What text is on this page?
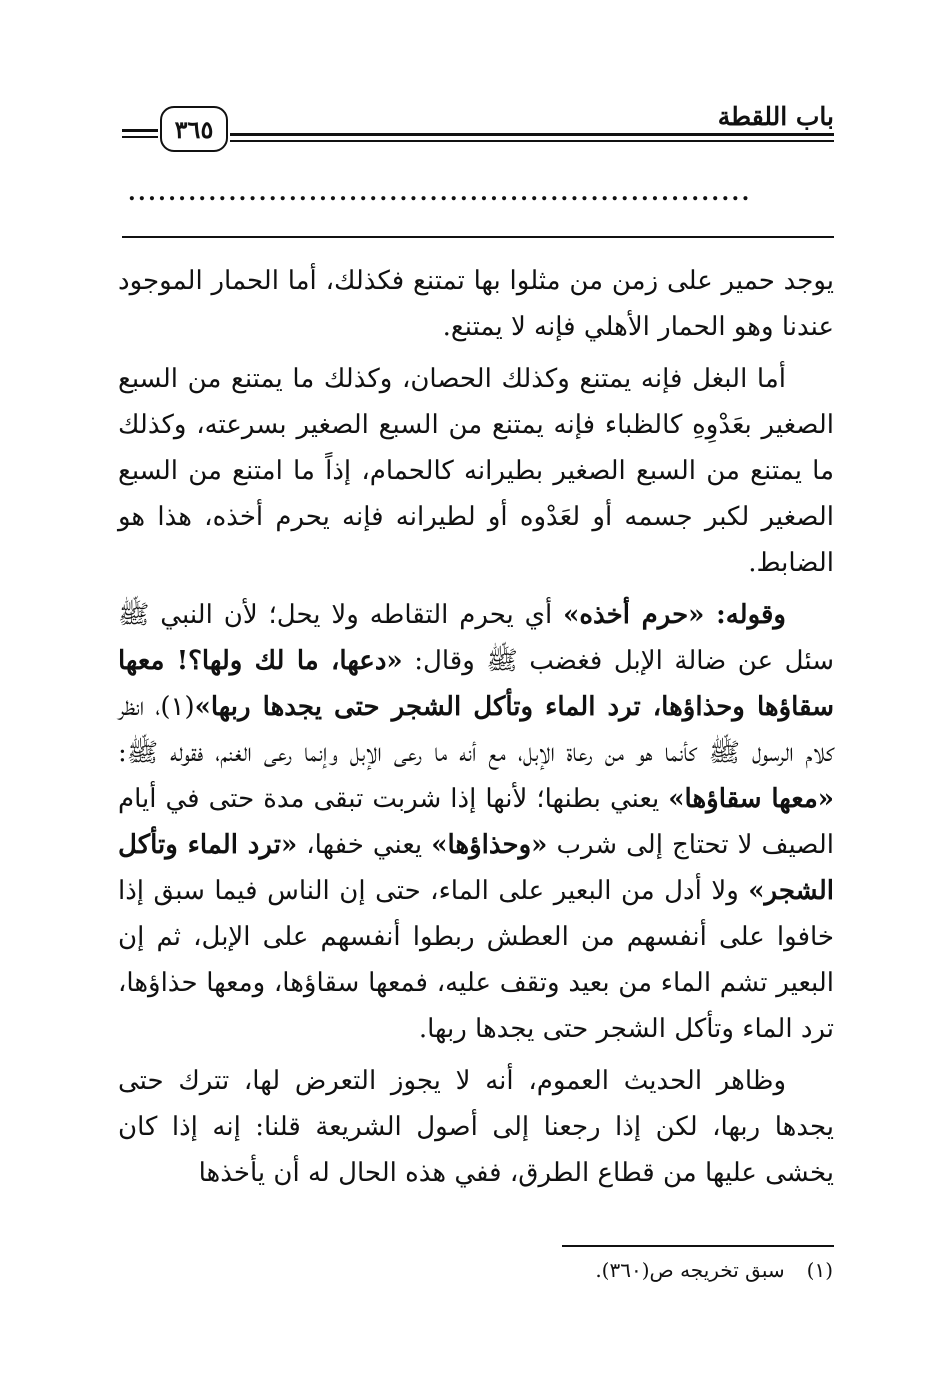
٣٦٥	باب اللقطة
..............................................................

يوجد حمير على زمن من مثلوا بها تمتنع فكذلك، أما الحمار الموجود عندنا وهو الحمار الأهلي فإنه لا يمتنع.

أما البغل فإنه يمتنع وكذلك الحصان، وكذلك ما يمتنع من السبع الصغير بعَدْوِهِ كالظباء فإنه يمتنع من السبع الصغير بسرعته، وكذلك ما يمتنع من السبع الصغير بطيرانه كالحمام، إذاً ما امتنع من السبع الصغير لكبر جسمه أو لعَدْوه أو لطيرانه فإنه يحرم أخذه، هذا هو الضابط.

وقوله: «حرم أخذه» أي يحرم التقاطه ولا يحل؛ لأن النبي ﷺ سئل عن ضالة الإبل فغضب ﷺ وقال: «دعها، ما لك ولها؟! معها سقاؤها وحذاؤها، ترد الماء وتأكل الشجر حتى يجدها ربها»(١)، انظر كلام الرسول ﷺ كأنما هو من رعاة الإبل، مع أنه ما رعى الإبل وإنما رعى الغنم، فقوله ﷺ: «معها سقاؤها» يعني بطنها؛ لأنها إذا شربت تبقى مدة حتى في أيام الصيف لا تحتاج إلى شرب «وحذاؤها» يعني خفها، «ترد الماء وتأكل الشجر» ولا أدل من البعير على الماء، حتى إن الناس فيما سبق إذا خافوا على أنفسهم من العطش ربطوا أنفسهم على الإبل، ثم إن البعير تشم الماء من بعيد وتقف عليه، فمعها سقاؤها، ومعها حذاؤها، ترد الماء وتأكل الشجر حتى يجدها ربها.

وظاهر الحديث العموم، أنه لا يجوز التعرض لها، تترك حتى يجدها ربها، لكن إذا رجعنا إلى أصول الشريعة قلنا: إنه إذا كان يخشى عليها من قطاع الطرق، ففي هذه الحال له أن يأخذها

(١)سبق تخريجه ص(٣٦٠).
